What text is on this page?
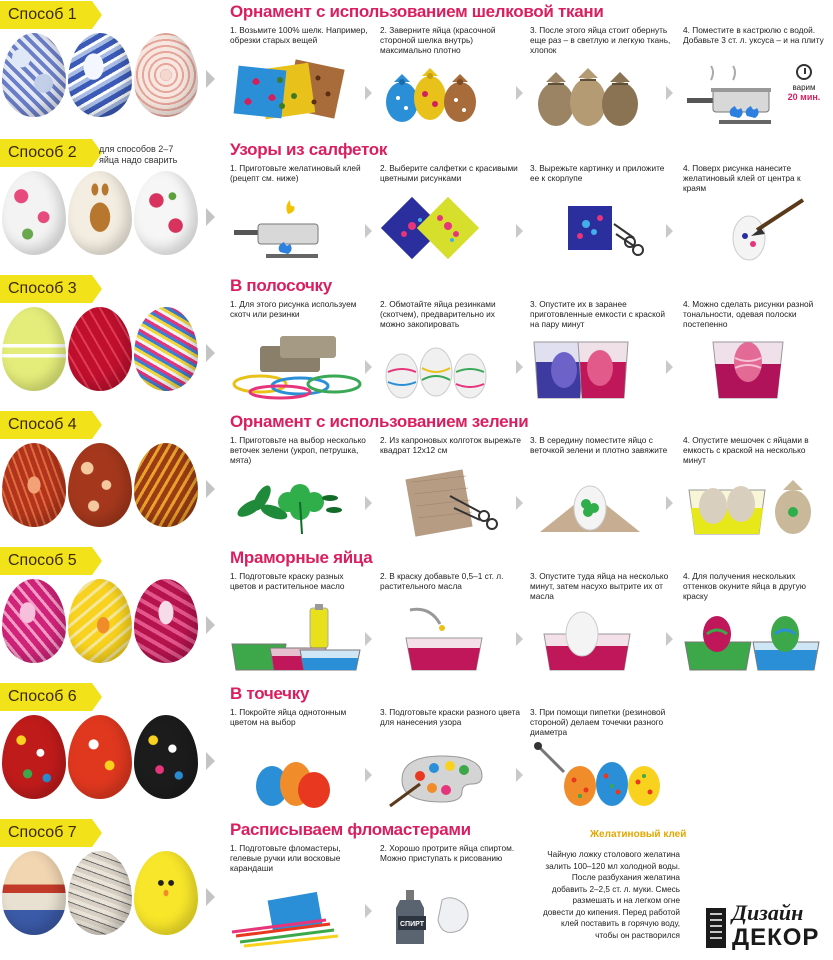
Способ 1	Орнамент с использованием шелковой ткани
1. Возьмите 100% шелк. Например, обрезки старых вещей
2. Заверните яйца (красочной стороной шелка внутрь) максимально плотно
3. После этого яйца стоит обернуть еще раз – в светлую и легкую ткань, хлопок
4. Поместите в кастрюлю с водой. Добавьте 3 ст. л. уксуса – и на плиту
варим
20 мин.
Способ 2	для способов 2–7 яйца надо сварить
Узоры из салфеток
1. Приготовьте желатиновый клей (рецепт см. ниже)
2. Выберите салфетки с красивыми цветными рисунками
3. Вырежьте картинку и приложите ее к скорлупе
4. Поверх рисунка нанесите желатиновый клей от центра к краям
Способ 3	В полосочку
1. Для этого рисунка используем скотч или резинки
2. Обмотайте яйца резинками (скотчем), предварительно их можно закопировать
3. Опустите их в заранее приготовленные емкости с краской на пару минут
4. Можно сделать рисунки разной тональности, одевая полоски постепенно
Способ 4	Орнамент с использованием зелени
1. Приготовьте на выбор несколько веточек зелени (укроп, петрушка, мята)
2. Из капроновых колготок вырежьте квадрат 12х12 см
3. В середину поместите яйцо с веточкой зелени и плотно завяжите
4. Опустите мешочек с яйцами в емкость с краской на несколько минут
Способ 5	Мраморные яйца
1. Подготовьте краску разных цветов и растительное масло
2. В краску добавьте 0,5–1 ст. л. растительного масла
3. Опустите туда яйца на несколько минут, затем насухо вытрите их от масла
4. Для получения нескольких оттенков окуните яйца в другую краску
Способ 6	В точечку
1. Покройте яйца однотонным цветом на выбор
3. Подготовьте краски разного цвета для нанесения узора
3. При помощи пипетки (резиновой стороной) делаем точечки разного диаметра
Способ 7	Расписываем фломастерами
1. Подготовьте фломастеры, гелевые ручки или восковые карандаши
2. Хорошо протрите яйца спиртом. Можно приступать к рисованию
СПИРТ
Желатиновый клей
Чайную ложку столового желатина залить 100–120 мл холодной воды. После разбухания желатина добавить 2–2,5 ст. л. муки. Смесь размешать и на легком огне довести до кипения. Перед работой клей поставить в горячую воду, чтобы он растворился
Дизайн
ДЕКОР
